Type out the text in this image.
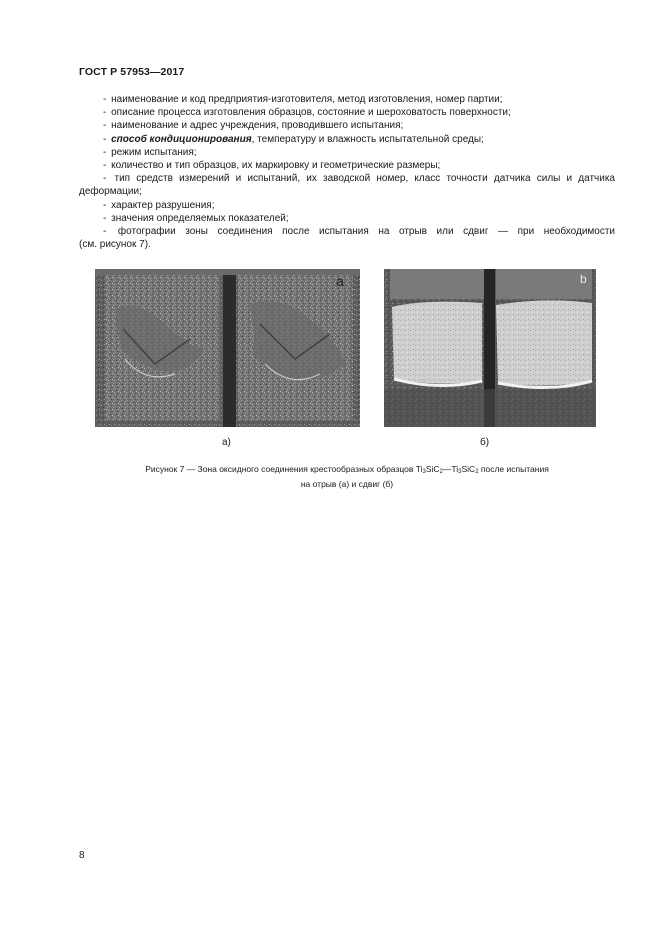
ГОСТ Р 57953—2017

- наименование и код предприятия-изготовителя, метод изготовления, номер партии;

- описание процесса изготовления образцов, состояние и шероховатость поверхности;

- наименование и адрес учреждения, проводившего испытания;

- способ кондиционирования, температуру и влажность испытательной среды;

- режим испытания;

- количество и тип образцов, их маркировку и геометрические размеры;

- тип средств измерений и испытаний, их заводской номер, класс точности датчика силы и датчика

деформации;

- характер разрушения;

- значения определяемых показателей;

- фотографии зоны соединения после испытания на отрыв или сдвиг — при необходимости

(см. рисунок 7).

a	b
а)	б)
Рисунок 7 — Зона оксидного соединения крестообразных образцов $Ti_3SiC_2—Ti_3SiC_2$ после испытания
на отрыв (а) и сдвиг (б)
8
